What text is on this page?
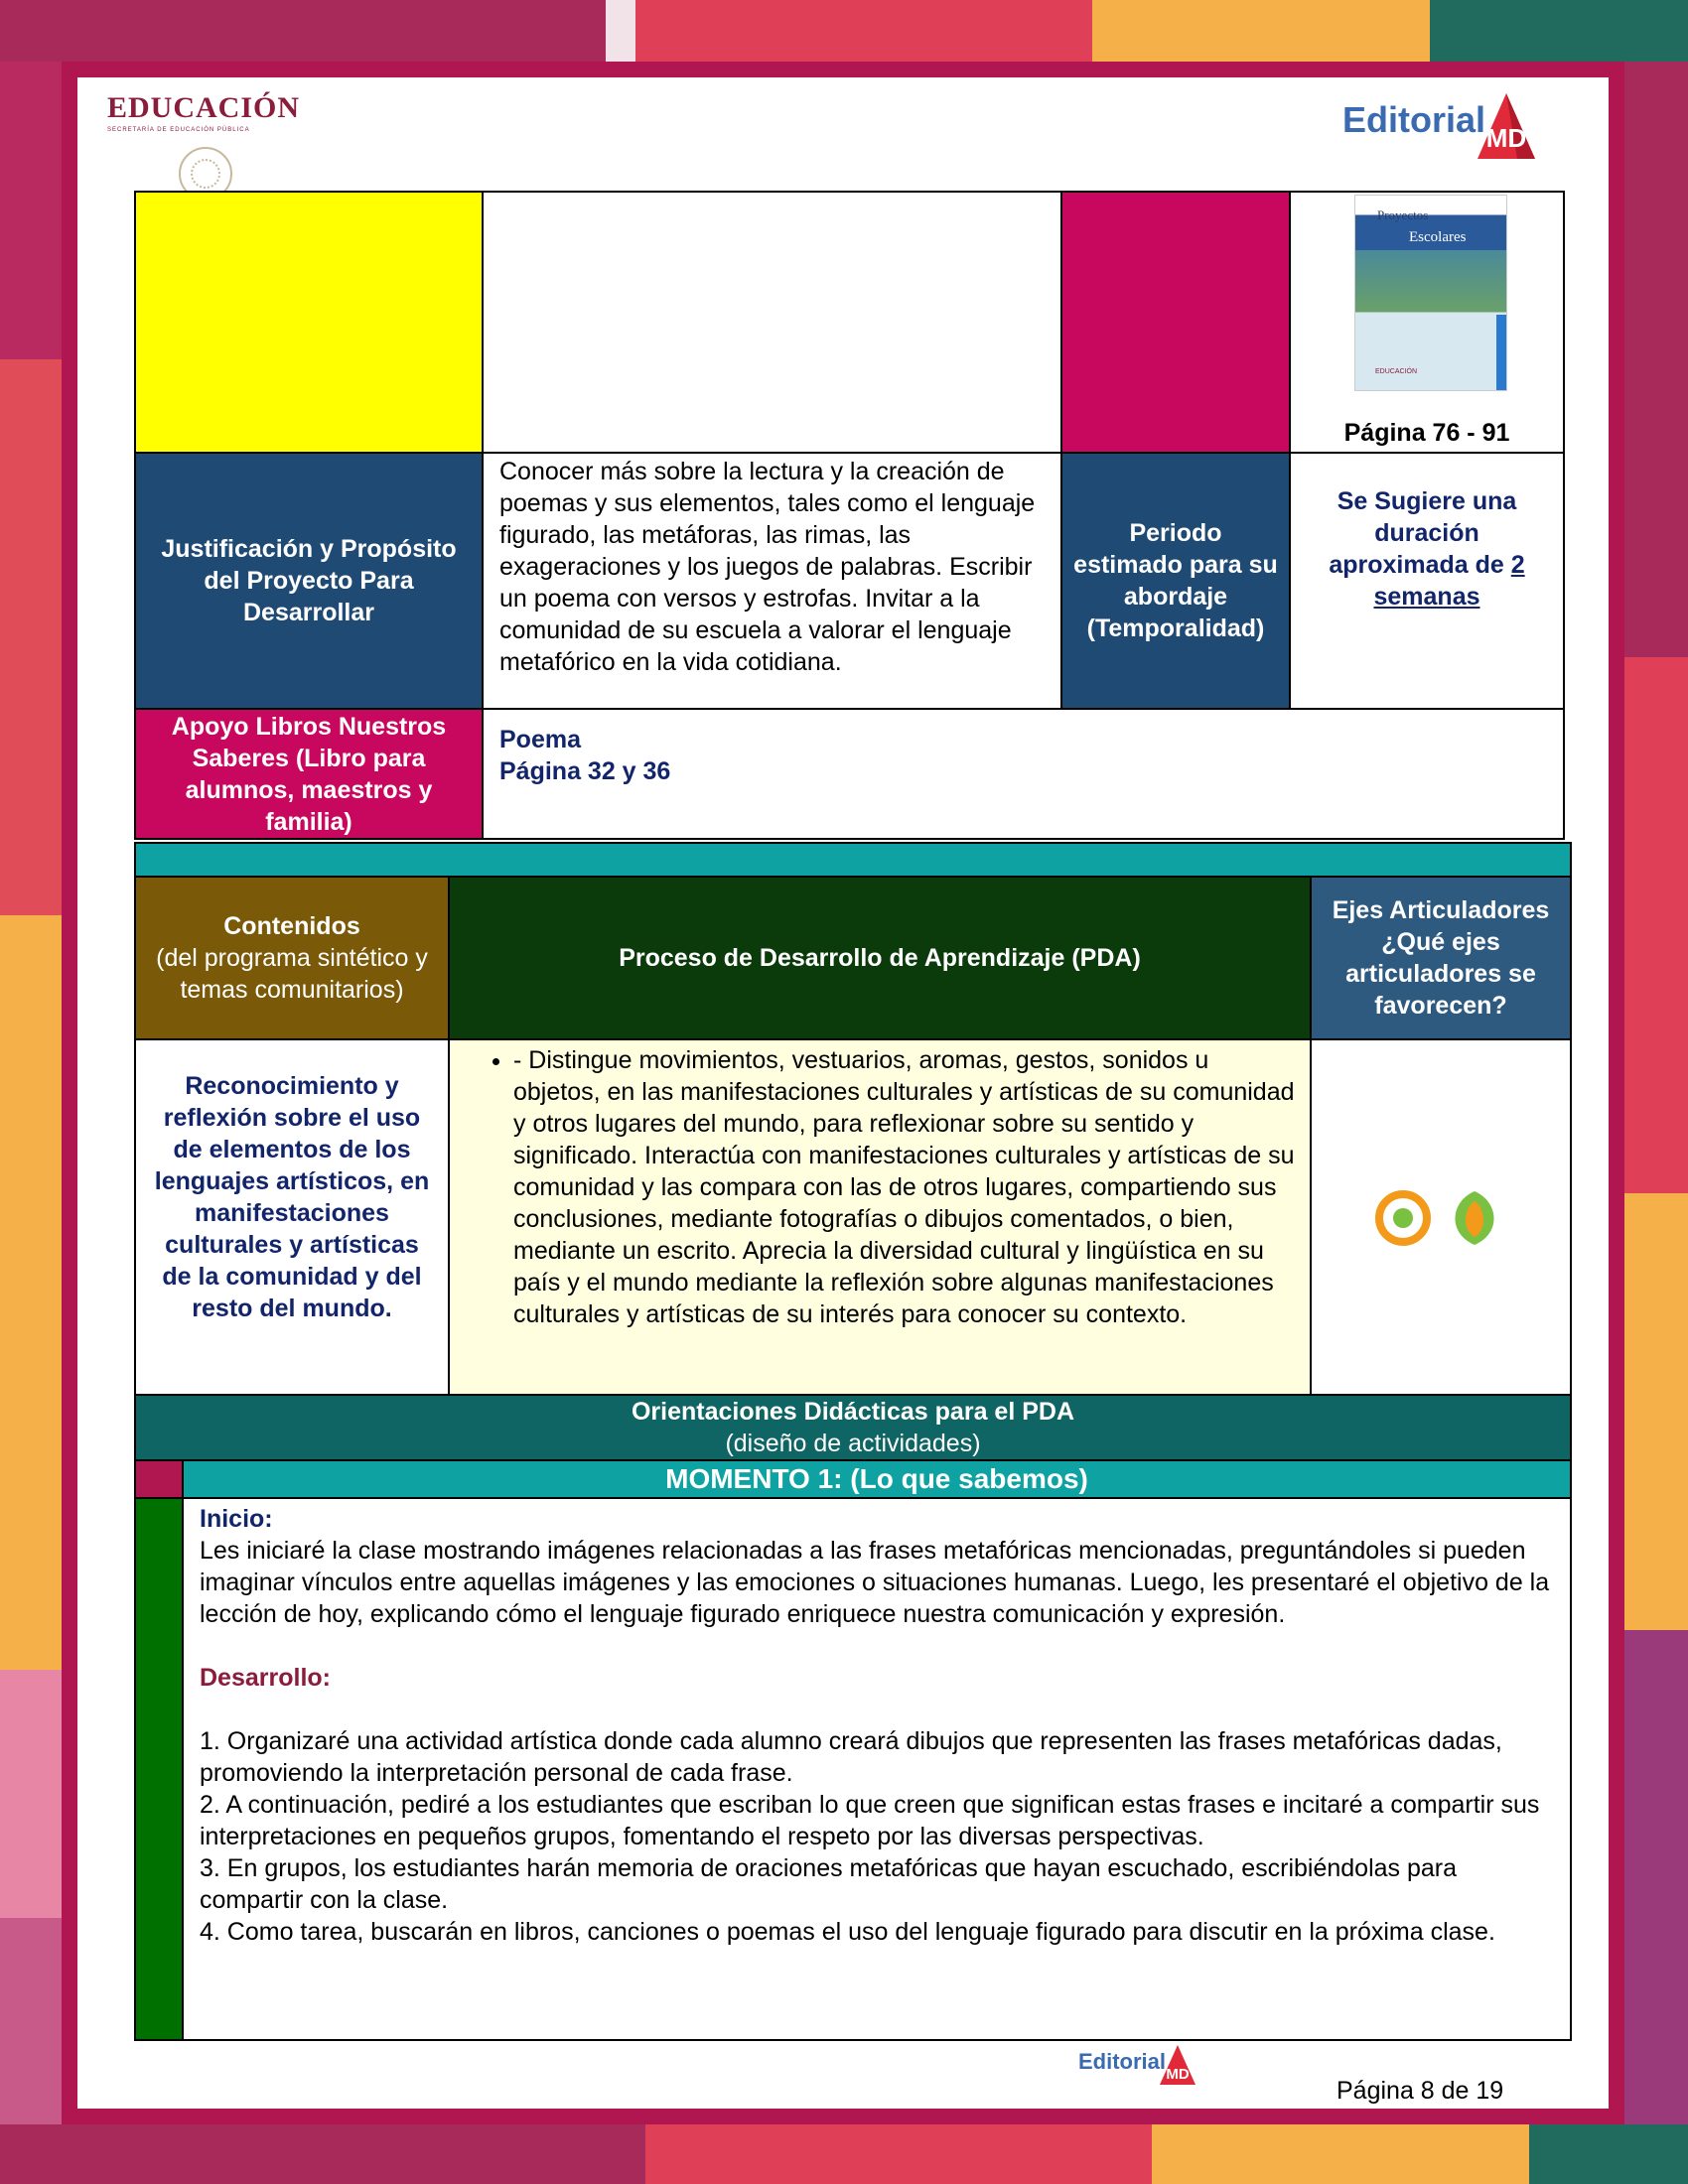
EDUCACIÓN
SECRETARÍA DE EDUCACIÓN PÚBLICA	Editorial MD
Proyectos
Escolares
EDUCACIÓN
Página 76 - 91
Justificación y Propósito del Proyecto Para Desarrollar
Conocer más sobre la lectura y la creación de poemas y sus elementos, tales como el lenguaje figurado, las metáforas, las rimas, las exageraciones y los juegos de palabras. Escribir un poema con versos y estrofas. Invitar a la comunidad de su escuela a valorar el lenguaje metafórico en la vida cotidiana.
Periodo estimado para su abordaje (Temporalidad)
Se Sugiere una duración aproximada de 2
semanas
Apoyo Libros Nuestros Saberes (Libro para alumnos, maestros y familia)
Poema
Página 32 y 36
Contenidos
(del programa sintético y temas comunitarios)
Proceso de Desarrollo de Aprendizaje (PDA)
Ejes Articuladores ¿Qué ejes articuladores se favorecen?
Reconocimiento y reflexión sobre el uso de elementos de los lenguajes artísticos, en manifestaciones culturales y artísticas de la comunidad y del resto del mundo.
• - Distingue movimientos, vestuarios, aromas, gestos, sonidos u objetos, en las manifestaciones culturales y artísticas de su comunidad y otros lugares del mundo, para reflexionar sobre su sentido y significado. Interactúa con manifestaciones culturales y artísticas de su comunidad y las compara con las de otros lugares, compartiendo sus conclusiones, mediante fotografías o dibujos comentados, o bien, mediante un escrito. Aprecia la diversidad cultural y lingüística en su país y el mundo mediante la reflexión sobre algunas manifestaciones culturales y artísticas de su interés para conocer su contexto.
Orientaciones Didácticas para el PDA
(diseño de actividades)
MOMENTO 1: (Lo que sabemos)
Inicio:
Les iniciaré la clase mostrando imágenes relacionadas a las frases metafóricas mencionadas, preguntándoles si pueden imaginar vínculos entre aquellas imágenes y las emociones o situaciones humanas. Luego, les presentaré el objetivo de la lección de hoy, explicando cómo el lenguaje figurado enriquece nuestra comunicación y expresión.
Desarrollo:
1. Organizaré una actividad artística donde cada alumno creará dibujos que representen las frases metafóricas dadas, promoviendo la interpretación personal de cada frase.
2. A continuación, pediré a los estudiantes que escriban lo que creen que significan estas frases e incitaré a compartir sus interpretaciones en pequeños grupos, fomentando el respeto por las diversas perspectivas.
3. En grupos, los estudiantes harán memoria de oraciones metafóricas que hayan escuchado, escribiéndolas para compartir con la clase.
4. Como tarea, buscarán en libros, canciones o poemas el uso del lenguaje figurado para discutir en la próxima clase.
Editorial
MD
Página 8 de 19
